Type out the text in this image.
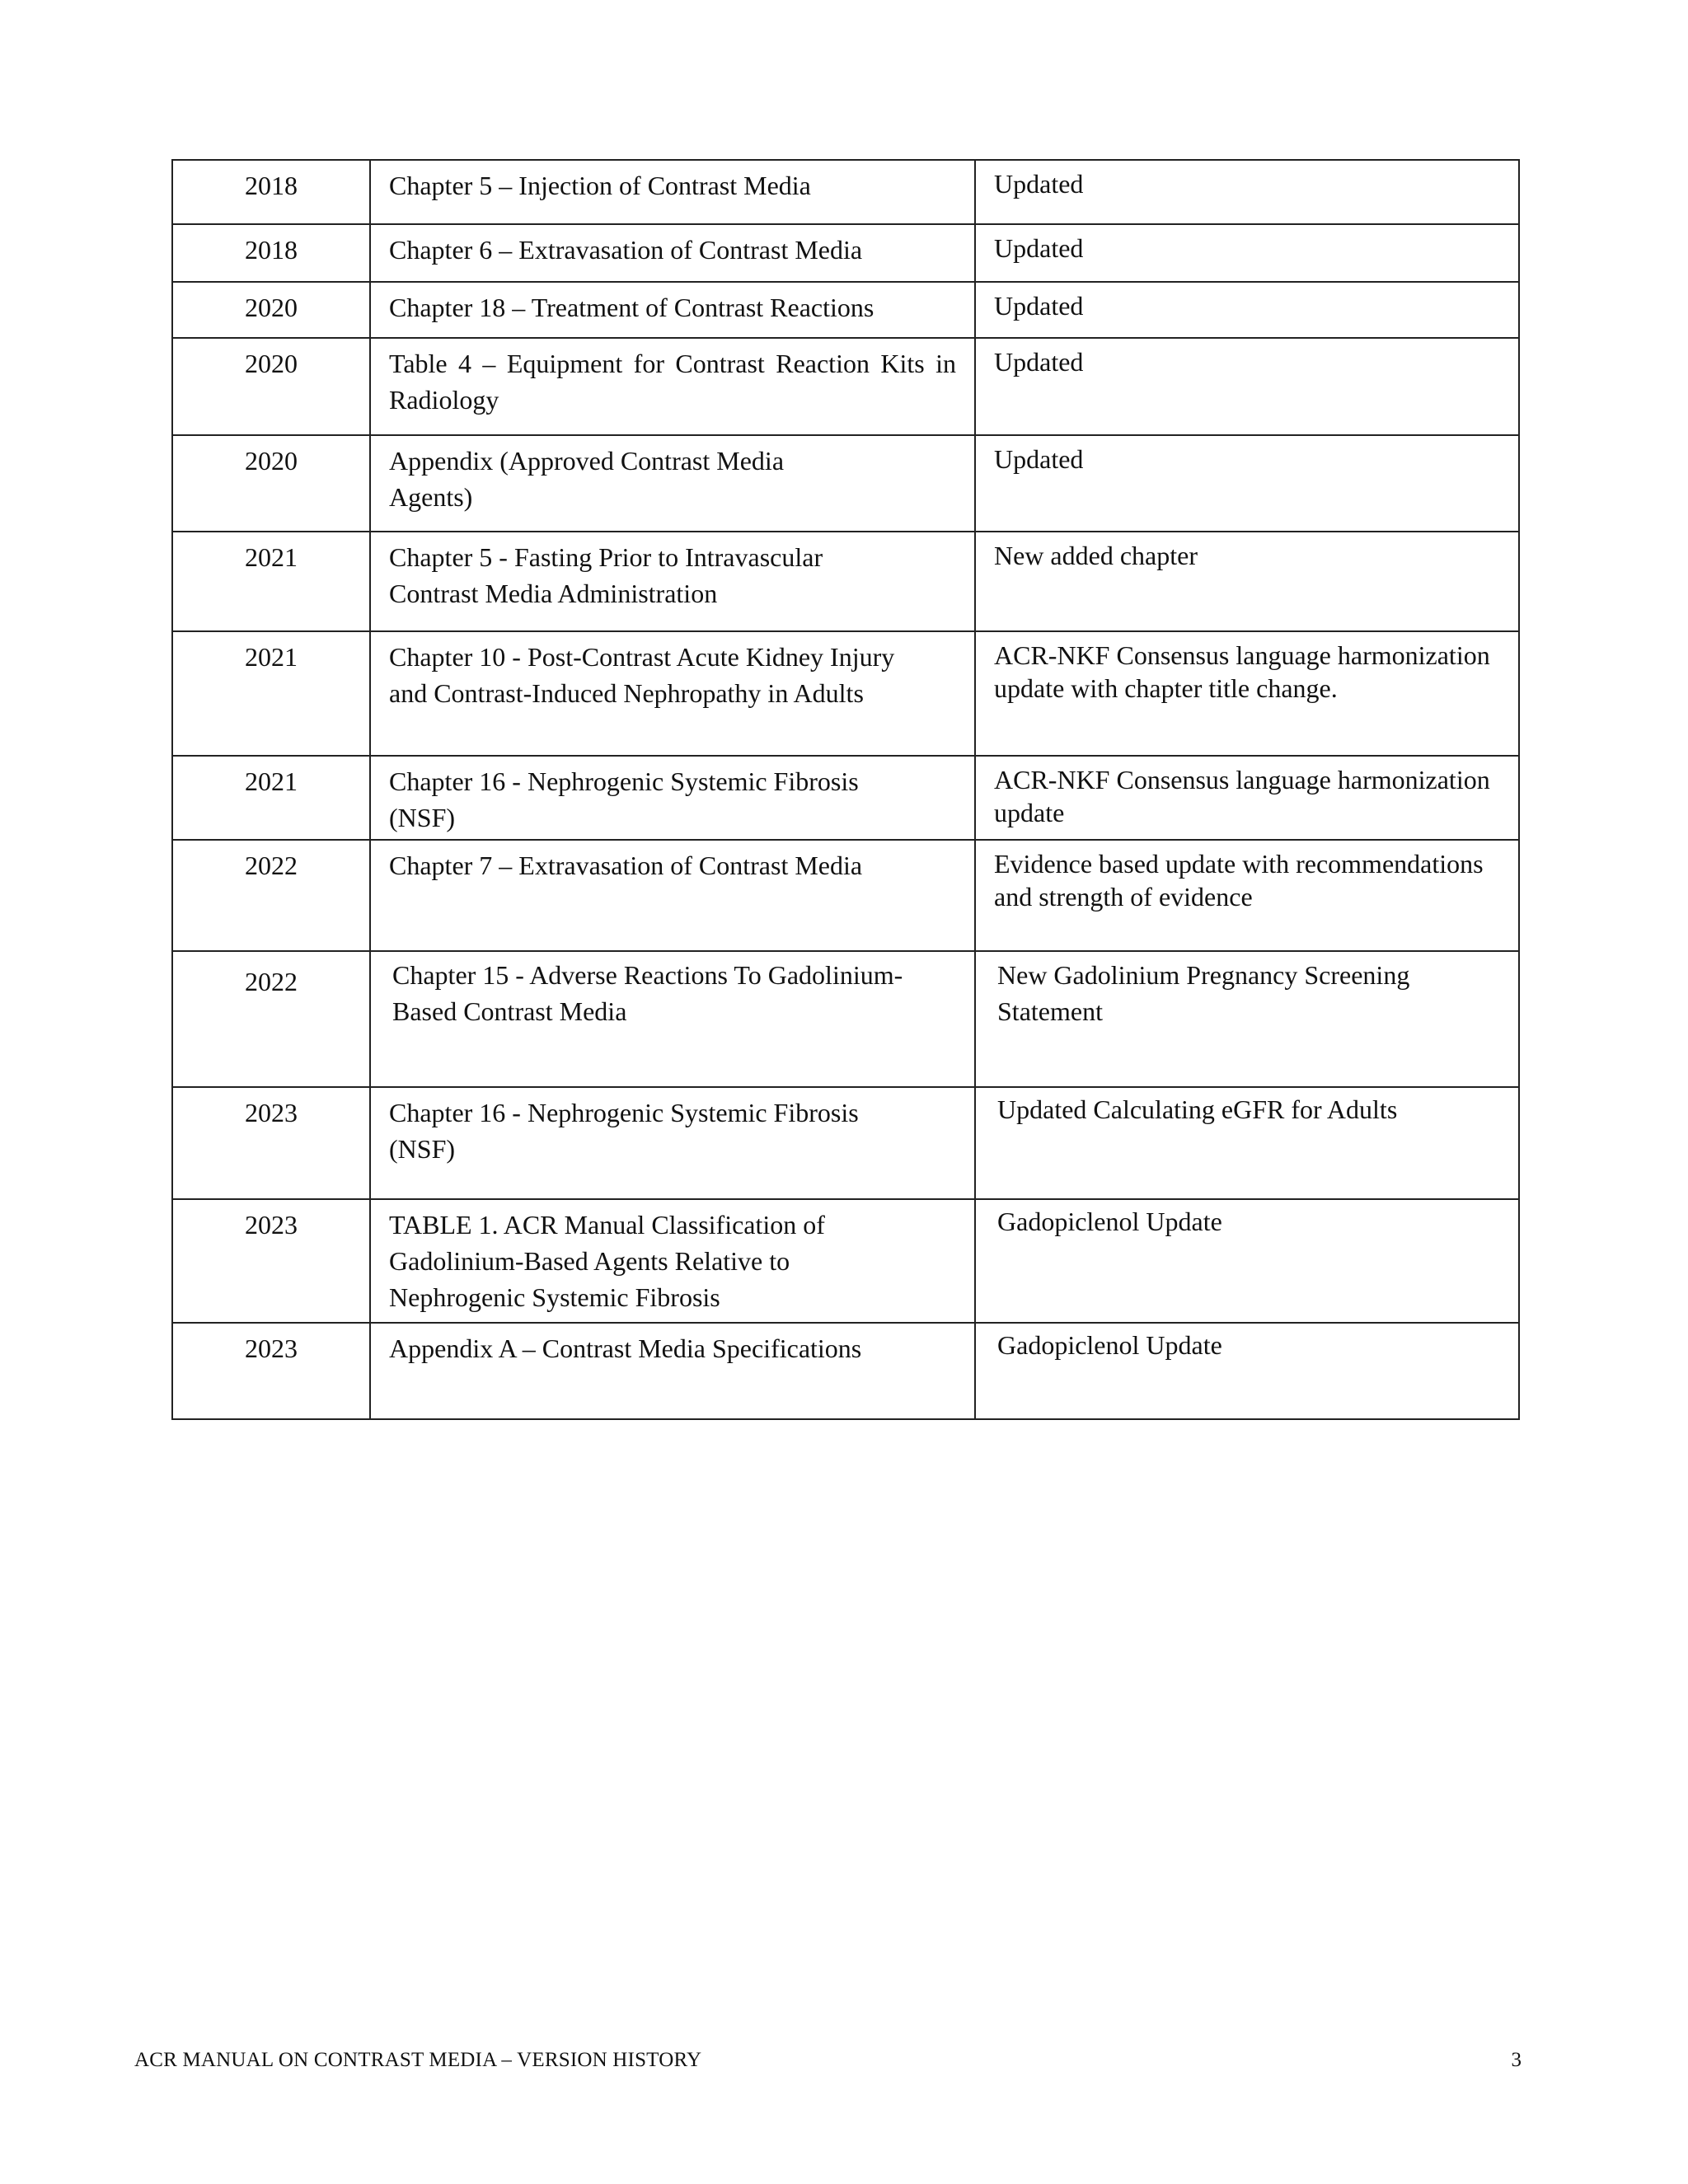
2018	Chapter 5 – Injection of Contrast Media	Updated
2018	Chapter 6 – Extravasation of Contrast Media	Updated
2020	Chapter 18 – Treatment of Contrast Reactions	Updated
2020	Table 4 – Equipment for Contrast Reaction Kits in Radiology	Updated
2020	Appendix (Approved Contrast Media Agents)	Updated
2021	Chapter 5 - Fasting Prior to Intravascular Contrast Media Administration	New added chapter
2021	Chapter 10 - Post-Contrast Acute Kidney Injury and Contrast-Induced Nephropathy in Adults	ACR-NKF Consensus language harmonization update with chapter title change.
2021	Chapter 16 - Nephrogenic Systemic Fibrosis (NSF)	ACR-NKF Consensus language harmonization update
2022	Chapter 7 – Extravasation of Contrast Media	Evidence based update with recommendations and strength of evidence
2022	Chapter 15 - Adverse Reactions To Gadolinium-Based Contrast Media	New Gadolinium Pregnancy Screening Statement
2023	Chapter 16 - Nephrogenic Systemic Fibrosis (NSF)	Updated Calculating eGFR for Adults
2023	TABLE 1. ACR Manual Classification of Gadolinium-Based Agents Relative to Nephrogenic Systemic Fibrosis	Gadopiclenol Update
2023	Appendix A – Contrast Media Specifications	Gadopiclenol Update
ACR MANUAL ON CONTRAST MEDIA – VERSION HISTORY	3
